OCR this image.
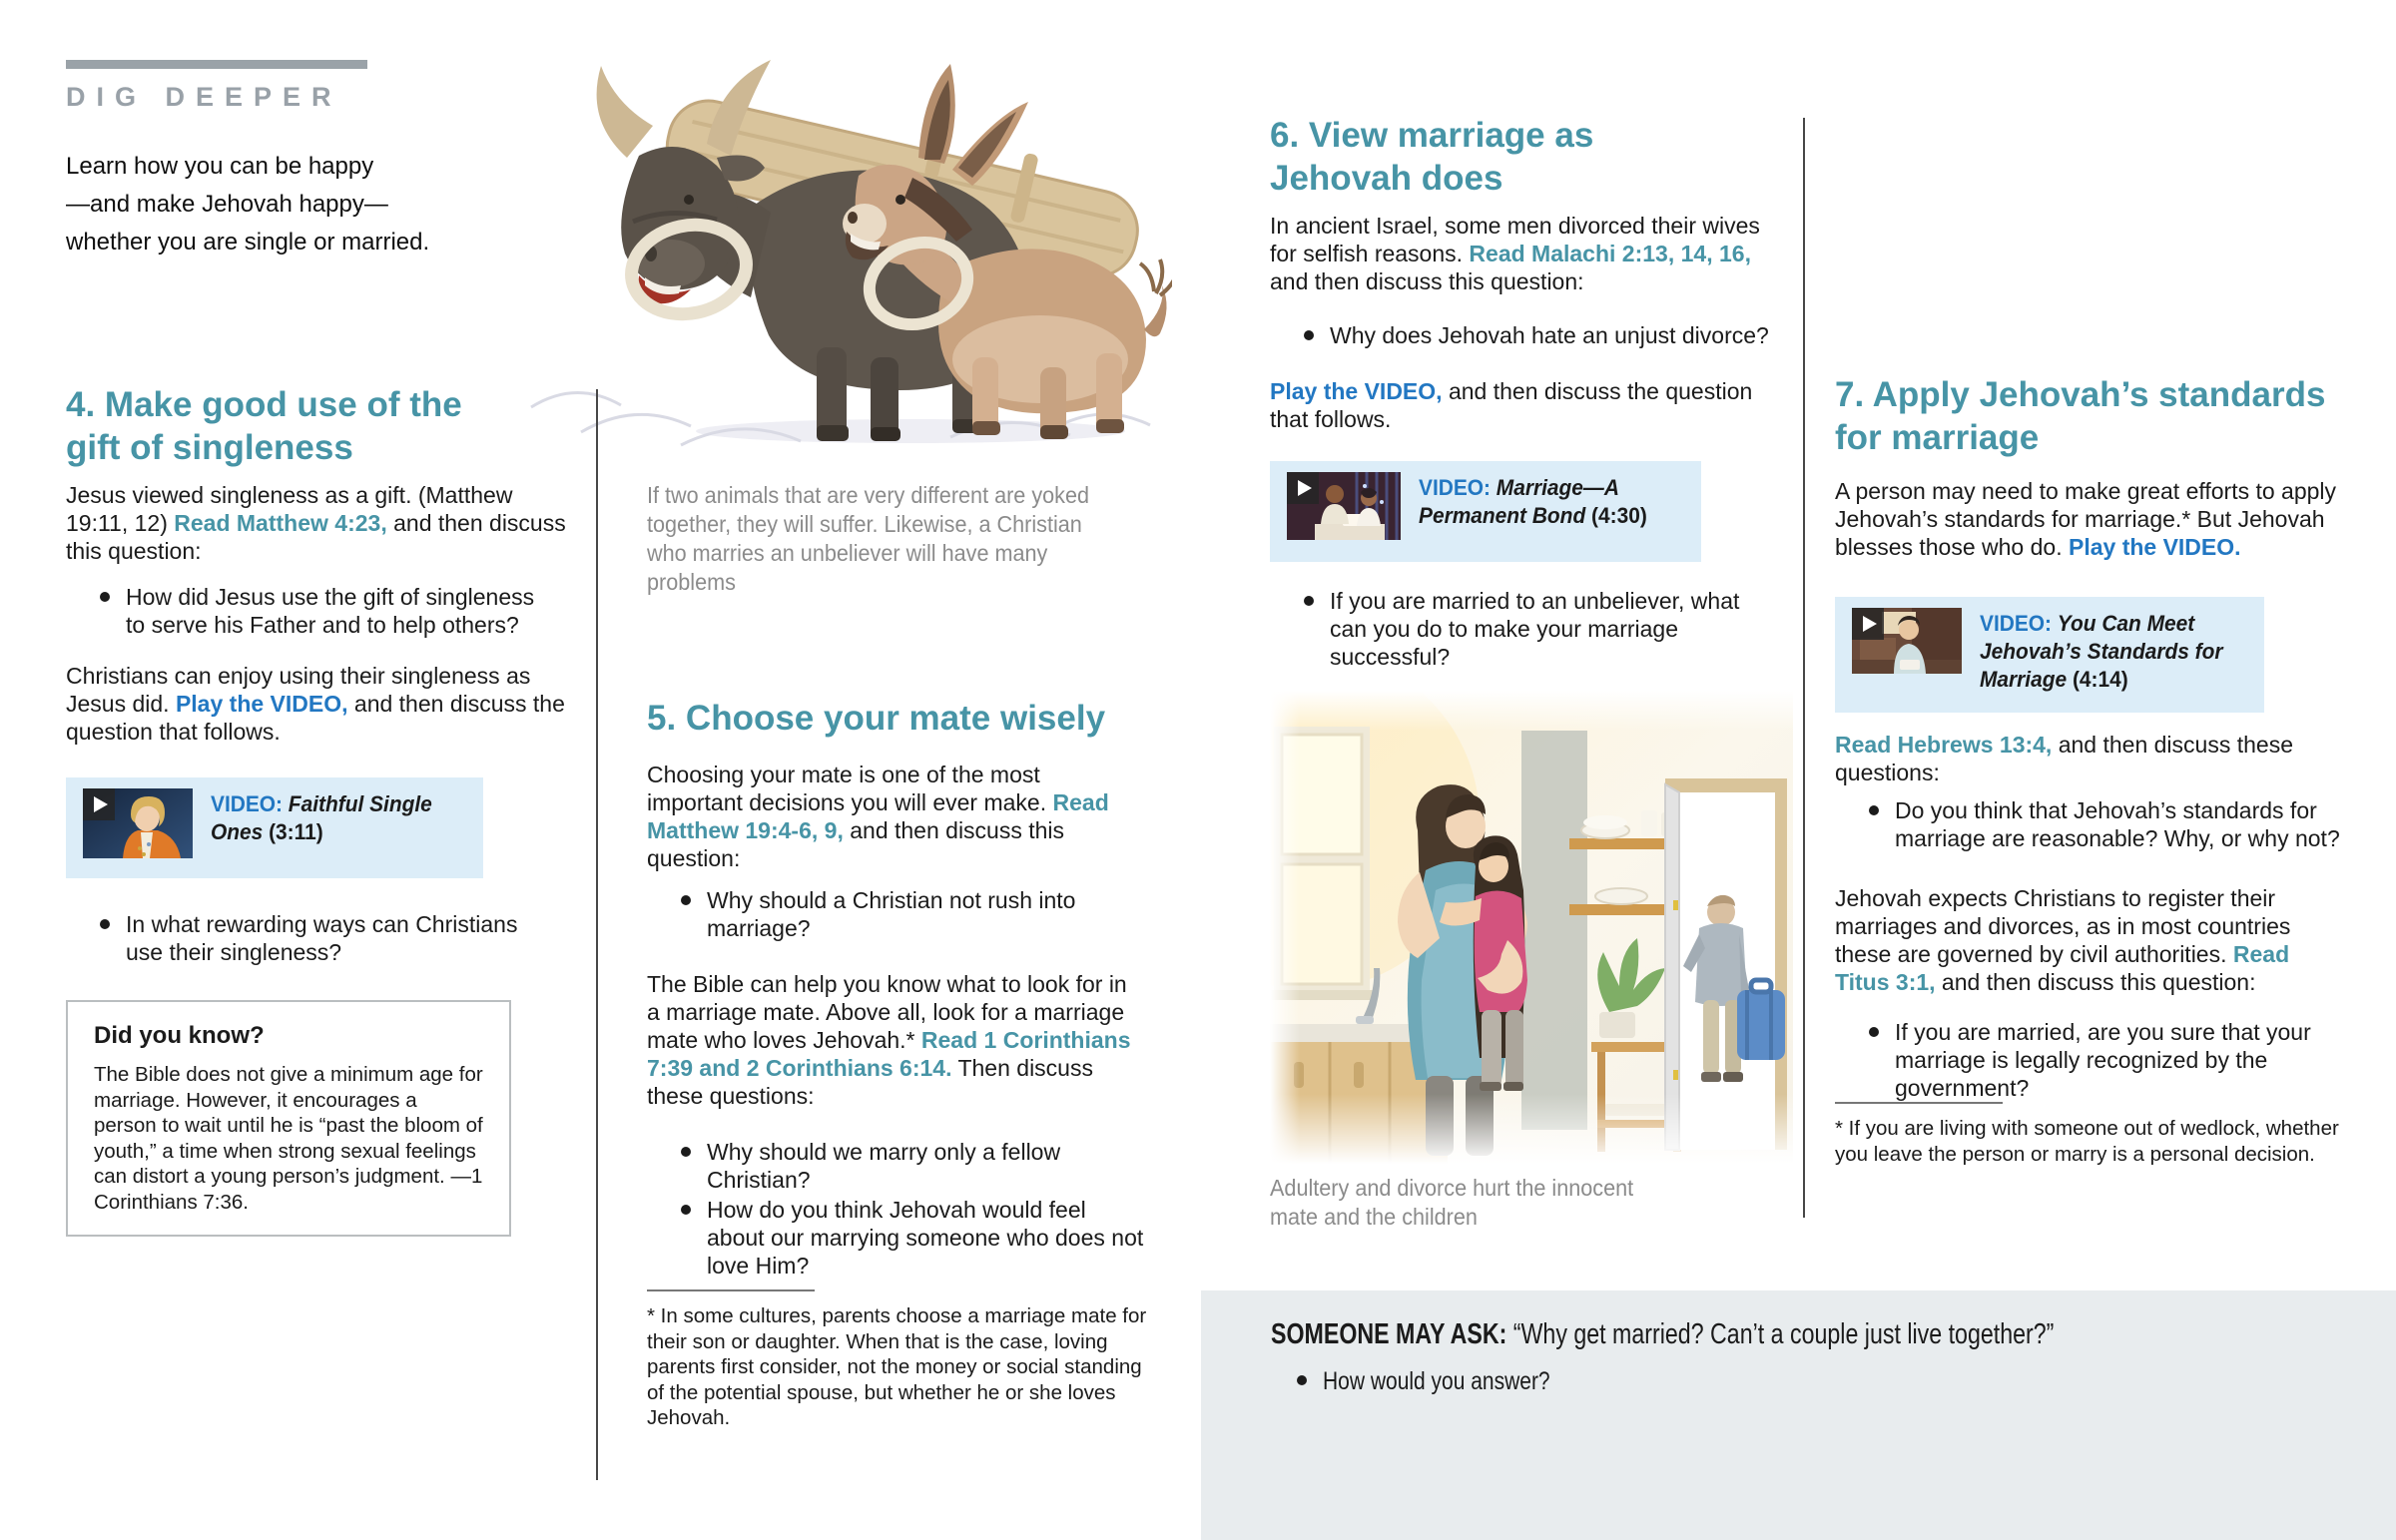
DIG DEEPER
Learn how you can be happy
—and make Jehovah happy—
whether you are single or married.
4. Make good use of the gift of singleness
Jesus viewed singleness as a gift. (Matthew 19:11, 12) Read Matthew 4:23, and then discuss this question:
How did Jesus use the gift of singleness to serve his Father and to help others?
Christians can enjoy using their singleness as Jesus did. Play the VIDEO, and then discuss the question that follows.
VIDEO: Faithful Single Ones (3:11)
In what rewarding ways can Christians use their singleness?
Did you know?
The Bible does not give a minimum age for marriage. However, it encourages a person to wait until he is “past the bloom of youth,” a time when strong sexual feelings can distort a young person’s judgment. —1 Corinthians 7:36.
If two animals that are very different are yoked together, they will suffer. Likewise, a Christian who marries an unbeliever will have many problems
5. Choose your mate wisely
Choosing your mate is one of the most important decisions you will ever make. Read Matthew 19:4-6, 9, and then discuss this question:
Why should a Christian not rush into marriage?
The Bible can help you know what to look for in a marriage mate. Above all, look for a marriage mate who loves Jehovah.* Read 1 Corinthians 7:39 and 2 Corinthians 6:14. Then discuss these questions:
Why should we marry only a fellow Christian?
How do you think Jehovah would feel about our marrying someone who does not love Him?
* In some cultures, parents choose a marriage mate for their son or daughter. When that is the case, loving parents first consider, not the money or social standing of the potential spouse, but whether he or she loves Jehovah.
6. View marriage as Jehovah does
In ancient Israel, some men divorced their wives for selfish reasons. Read Malachi 2:13, 14, 16, and then discuss this question:
Why does Jehovah hate an unjust divorce?
Play the VIDEO, and then discuss the question that follows.
VIDEO: Marriage—A Permanent Bond (4:30)
If you are married to an unbeliever, what can you do to make your marriage successful?
Adultery and divorce hurt the innocent mate and the children
7. Apply Jehovah’s standards for marriage
A person may need to make great efforts to apply Jehovah’s standards for marriage.* But Jehovah blesses those who do. Play the VIDEO.
VIDEO: You Can Meet Jehovah’s Standards for Marriage (4:14)
Read Hebrews 13:4, and then discuss these questions:
Do you think that Jehovah’s standards for marriage are reasonable? Why, or why not?
Jehovah expects Christians to register their marriages and divorces, as in most countries these are governed by civil authorities. Read Titus 3:1, and then discuss this question:
If you are married, are you sure that your marriage is legally recognized by the government?
* If you are living with someone out of wedlock, whether you leave the person or marry is a personal decision.
SOMEONE MAY ASK: “Why get married? Can’t a couple just live together?”
How would you answer?
